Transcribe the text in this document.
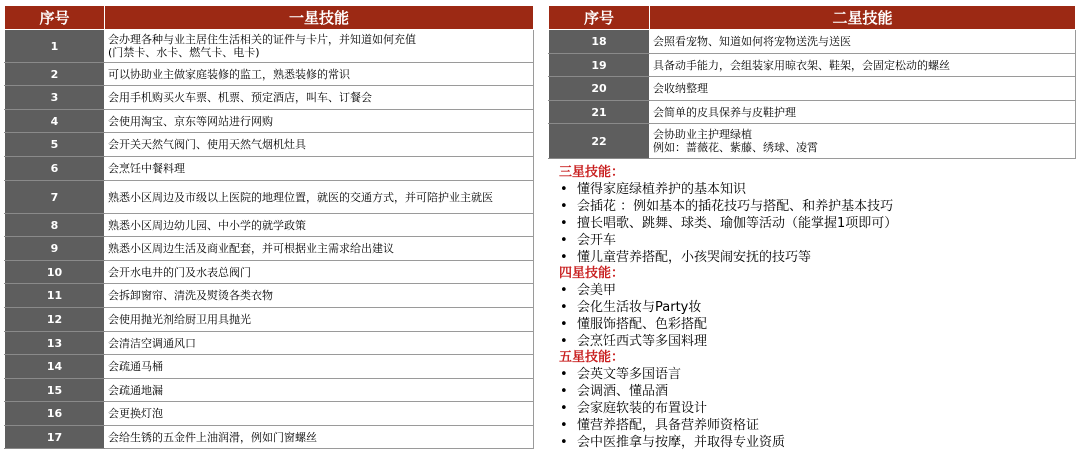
序号	一星技能
1	会办理各种与业主居住生活相关的证件与卡片，并知道如何充值
(门禁卡、水卡、燃气卡、电卡)
2	可以协助业主做家庭装修的监工，熟悉装修的常识
3	会用手机购买火车票、机票、预定酒店，叫车、订餐会
4	会使用淘宝、京东等网站进行网购
5	会开关天然气阀门、使用天然气烟机灶具
6	会烹饪中餐料理
7	熟悉小区周边及市级以上医院的地理位置，就医的交通方式，并可陪护业主就医
8	熟悉小区周边幼儿园、中小学的就学政策
9	熟悉小区周边生活及商业配套，并可根据业主需求给出建议
10	会开水电井的门及水表总阀门
11	会拆卸窗帘、清洗及熨烫各类衣物
12	会使用抛光剂给厨卫用具抛光
13	会清洁空调通风口
14	会疏通马桶
15	会疏通地漏
16	会更换灯泡
17	会给生锈的五金件上油润滑，例如门窗螺丝
序号	二星技能
18	会照看宠物、知道如何将宠物送洗与送医
19	具备动手能力，会组装家用晾衣架、鞋架，会固定松动的螺丝
20	会收纳整理
21	会简单的皮具保养与皮鞋护理
22	会协助业主护理绿植
例如：蔷薇花、紫藤、绣球、凌霄
三星技能：
• 懂得家庭绿植养护的基本知识
• 会插花 ：例如基本的插花技巧与搭配、和养护基本技巧
• 擅长唱歌、跳舞、球类、瑜伽等活动（能掌握1项即可）
• 会开车
• 懂儿童营养搭配，小孩哭闹安抚的技巧等
四星技能：
• 会美甲
• 会化生活妆与Party妆
• 懂服饰搭配、色彩搭配
• 会烹饪西式等多国料理
五星技能：
• 会英文等多国语言
• 会调酒、懂品酒
• 会家庭软装的布置设计
• 懂营养搭配，具备营养师资格证
• 会中医推拿与按摩，并取得专业资质
